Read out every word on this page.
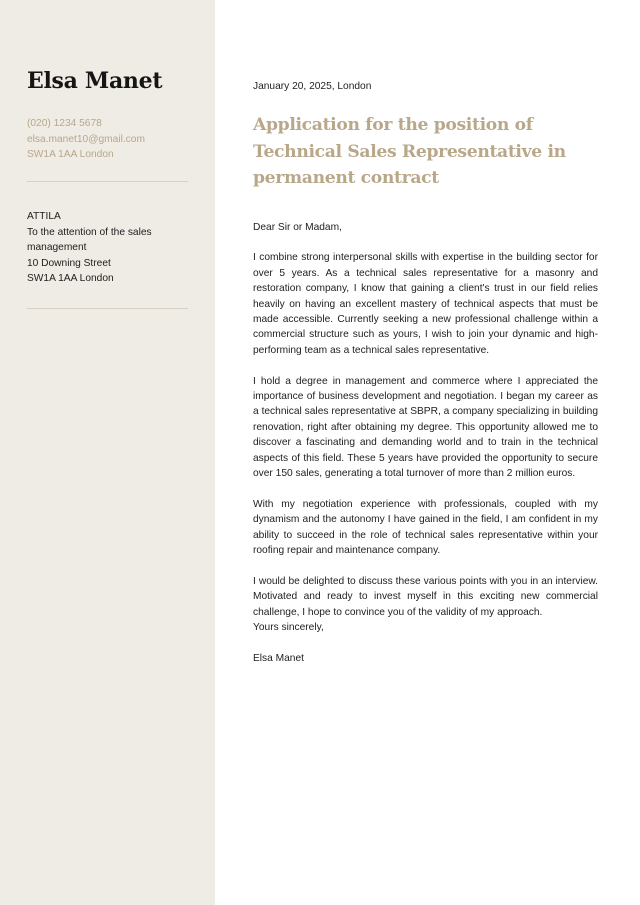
Elsa Manet
(020) 1234 5678
elsa.manet10@gmail.com
SW1A 1AA London
ATTILA
To the attention of the sales management
10 Downing Street
SW1A 1AA London
January 20, 2025, London
Application for the position of Technical Sales Representative in permanent contract

Dear Sir or Madam,

I combine strong interpersonal skills with expertise in the building sector for over 5 years. As a technical sales representative for a masonry and restoration company, I know that gaining a client's trust in our field relies heavily on having an excellent mastery of technical aspects that must be made accessible. Currently seeking a new professional challenge within a commercial structure such as yours, I wish to join your dynamic and high-performing team as a technical sales representative.

I hold a degree in management and commerce where I appreciated the importance of business development and negotiation. I began my career as a technical sales representative at SBPR, a company specializing in building renovation, right after obtaining my degree. This opportunity allowed me to discover a fascinating and demanding world and to train in the technical aspects of this field. These 5 years have provided the opportunity to secure over 150 sales, generating a total turnover of more than 2 million euros.

With my negotiation experience with professionals, coupled with my dynamism and the autonomy I have gained in the field, I am confident in my ability to succeed in the role of technical sales representative within your roofing repair and maintenance company.

I would be delighted to discuss these various points with you in an interview. Motivated and ready to invest myself in this exciting new commercial challenge, I hope to convince you of the validity of my approach.

Yours sincerely,
Elsa Manet
